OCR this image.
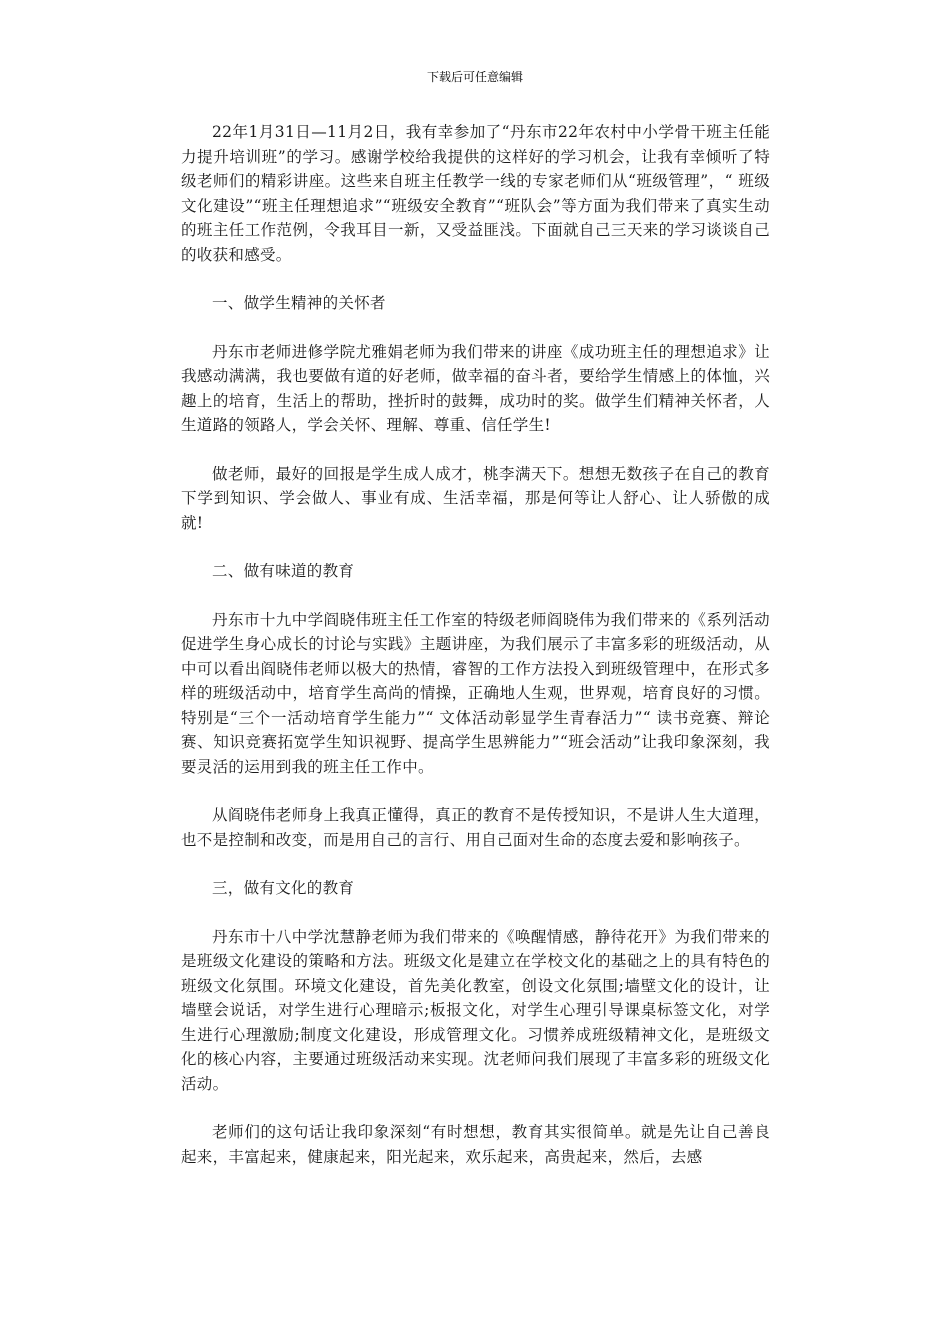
下载后可任意编辑

22年1月31日—11月2日，我有幸参加了“丹东市22年农村中小学骨干班主任能力提升培训班”的学习。感谢学校给我提供的这样好的学习机会，让我有幸倾听了特级老师们的精彩讲座。这些来自班主任教学一线的专家老师们从“班级管理”，“ 班级文化建设”“班主任理想追求”“班级安全教育”“班队会”等方面为我们带来了真实生动的班主任工作范例，令我耳目一新，又受益匪浅。下面就自己三天来的学习谈谈自己的收获和感受。

一、做学生精神的关怀者

丹东市老师进修学院尤雅娟老师为我们带来的讲座《成功班主任的理想追求》让我感动满满，我也要做有道的好老师，做幸福的奋斗者，要给学生情感上的体恤，兴趣上的培育，生活上的帮助，挫折时的鼓舞，成功时的奖。做学生们精神关怀者，人生道路的领路人，学会关怀、理解、尊重、信任学生!

做老师，最好的回报是学生成人成才，桃李满天下。想想无数孩子在自己的教育下学到知识、学会做人、事业有成、生活幸福，那是何等让人舒心、让人骄傲的成就!

二、做有味道的教育

丹东市十九中学阎晓伟班主任工作室的特级老师阎晓伟为我们带来的《系列活动促进学生身心成长的讨论与实践》主题讲座，为我们展示了丰富多彩的班级活动，从中可以看出阎晓伟老师以极大的热情，睿智的工作方法投入到班级管理中，在形式多样的班级活动中，培育学生高尚的情操，正确地人生观，世界观，培育良好的习惯。特别是“三个一活动培育学生能力”“ 文体活动彰显学生青春活力”“ 读书竞赛、辩论赛、知识竞赛拓宽学生知识视野、提高学生思辨能力”“班会活动”让我印象深刻，我要灵活的运用到我的班主任工作中。

从阎晓伟老师身上我真正懂得，真正的教育不是传授知识，不是讲人生大道理，也不是控制和改变，而是用自己的言行、用自己面对生命的态度去爱和影响孩子。

三，做有文化的教育

丹东市十八中学沈慧静老师为我们带来的《唤醒情感，静待花开》为我们带来的是班级文化建设的策略和方法。班级文化是建立在学校文化的基础之上的具有特色的班级文化氛围。环境文化建设，首先美化教室，创设文化氛围;墙壁文化的设计，让墙壁会说话，对学生进行心理暗示;板报文化，对学生心理引导课桌标签文化，对学生进行心理激励;制度文化建设，形成管理文化。习惯养成班级精神文化，是班级文化的核心内容，主要通过班级活动来实现。沈老师问我们展现了丰富多彩的班级文化活动。

老师们的这句话让我印象深刻“有时想想，教育其实很简单。就是先让自己善良起来，丰富起来，健康起来，阳光起来，欢乐起来，高贵起来，然后，去感
